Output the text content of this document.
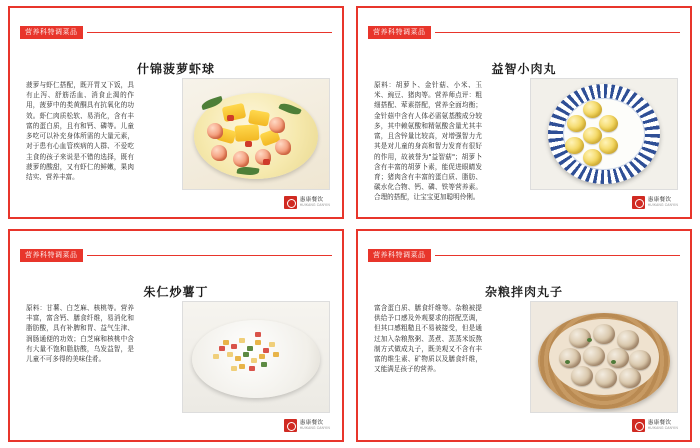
营养科特调菜品
什锦菠萝虾球
菠萝与虾仁搭配，既开胃又下饭，具有止泻、舒筋活血、消食止渴的作用，菠萝中的类黄酮具有抗氧化的功效。虾仁肉质松软、易消化，含有丰富的蛋白质，且有和钙、磷等。儿童多吃可以补充身体所需的大量元素，对于患有心血管疾病的人群、不爱吃主食的孩子来说是不错的选择，既有菠萝的酸甜，又有虾仁的鲜嫩，果肉结实、营养丰富。
惠康餐饮
HUIKANG CANYIN
营养科特调菜品
益智小肉丸
原料：胡萝卜、金针菇、小米、玉米、豌豆、猪肉等。营养师点评：粗细搭配、荤素搭配，营养全面均衡；金针菇中含有人体必需氨基酸成分较多，其中赖氨酸和精氨酸含量尤其丰富，且含锌量比较高，对增强智力尤其是对儿童的身高和智力发育有很好的作用，故被誉为"益智菇"；胡萝卜含有丰富的胡萝卜素，能促进眼睛发育；猪肉含有丰富的蛋白质、脂肪、碳水化合物、钙、磷、铁等营养素。合理的搭配，让宝宝更加聪明伶俐。	惠康餐饮
HUIKANG CANYIN
营养科特调菜品
朱仁炒薯丁
原料：甘薯、白芝麻、核桃等。营养丰富，富含钙、膳食纤维，易消化和脂肪酸，具有补脾和胃、益气生津、润肠通便的功效；白芝麻和核桃中含有大量不饱和脂肪酸，乌发益智，是儿童不可多得的美味佳肴。
惠康餐饮
HUIKANG CANYIN
营养科特调菜品
杂粮拌肉丸子
富含蛋白质、膳食纤维等。杂粮被提供给予口感及外观要求的搭配烹调，但其口感粗糙且不易被接受，但是通过加入杂粮熬粥、蒸煮、蒸蒸米饭熬制方式做成丸子，既美观又不含有丰富的维生素、矿物质以及膳食纤维，又能满足孩子的营养。
惠康餐饮
HUIKANG CANYIN
